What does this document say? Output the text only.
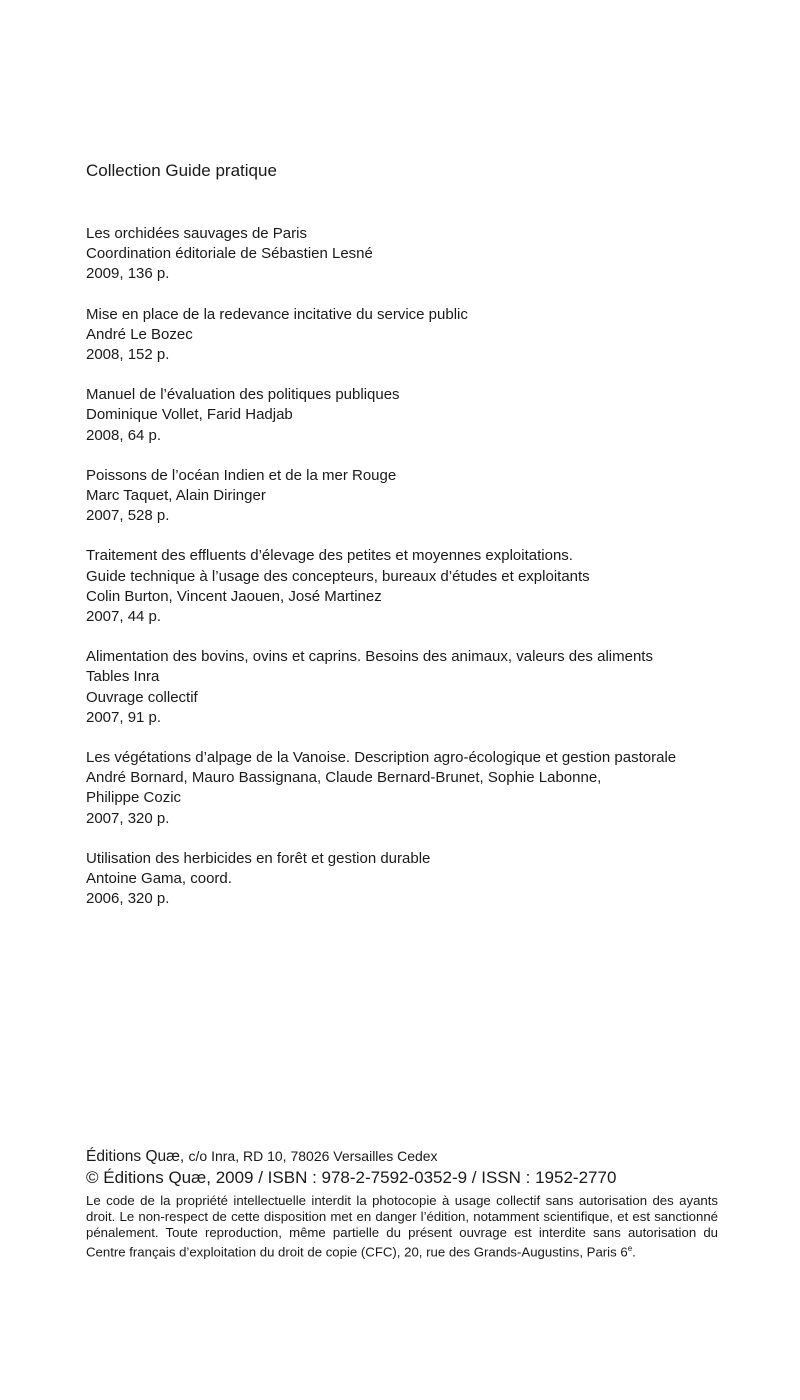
Collection Guide pratique
Les orchidées sauvages de Paris
Coordination éditoriale de Sébastien Lesné
2009, 136 p.
Mise en place de la redevance incitative du service public
André Le Bozec
2008, 152 p.
Manuel de l’évaluation des politiques publiques
Dominique Vollet, Farid Hadjab
2008, 64 p.
Poissons de l’océan Indien et de la mer Rouge
Marc Taquet, Alain Diringer
2007, 528 p.
Traitement des effluents d’élevage des petites et moyennes exploitations.
Guide technique à l’usage des concepteurs, bureaux d’études et exploitants
Colin Burton, Vincent Jaouen, José Martinez
2007, 44 p.
Alimentation des bovins, ovins et caprins. Besoins des animaux, valeurs des aliments
Tables Inra
Ouvrage collectif
2007, 91 p.
Les végétations d’alpage de la Vanoise. Description agro-écologique et gestion pastorale
André Bornard, Mauro Bassignana, Claude Bernard-Brunet, Sophie Labonne,
Philippe Cozic
2007, 320 p.
Utilisation des herbicides en forêt et gestion durable
Antoine Gama, coord.
2006, 320 p.
Éditions Quæ, c/o Inra, RD 10, 78026 Versailles Cedex
© Éditions Quæ, 2009 / ISBN : 978-2-7592-0352-9 / ISSN : 1952-2770
Le code de la propriété intellectuelle interdit la photocopie à usage collectif sans autorisation des ayants droit. Le non-respect de cette disposition met en danger l’édition, notamment scientifique, et est sanctionné pénalement. Toute reproduction, même partielle du présent ouvrage est interdite sans autorisation du Centre français d’exploitation du droit de copie (CFC), 20, rue des Grands-Augustins, Paris 6e.
